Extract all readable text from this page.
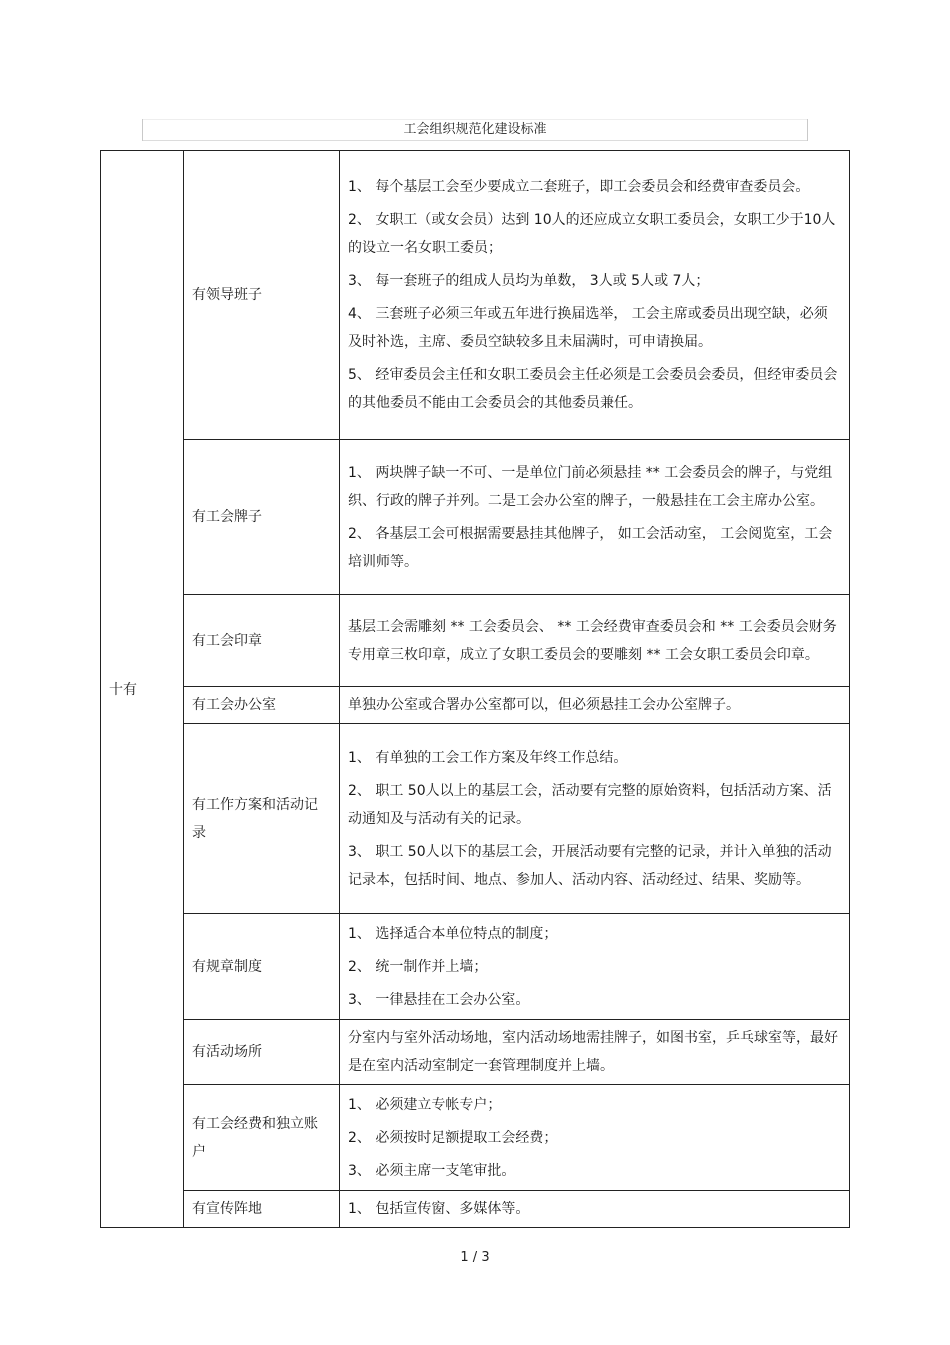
工会组织规范化建设标准
十有	有领导班子	1、 每个基层工会至少要成立二套班子，即工会委员会和经费审查委员会。
2、 女职工（或女会员）达到 10人的还应成立女职工委员会，女职工少于10人的设立一名女职工委员；
3、 每一套班子的组成人员均为单数， 3人或 5人或 7人；
4、 三套班子必须三年或五年进行换届选举， 工会主席或委员出现空缺，必须及时补选，主席、委员空缺较多且未届满时，可申请换届。
5、 经审委员会主任和女职工委员会主任必须是工会委员会委员，但经审委员会的其他委员不能由工会委员会的其他委员兼任。

	有工会牌子	1、 两块牌子缺一不可、一是单位门前必须悬挂 ** 工会委员会的牌子，与党组织、行政的牌子并列。二是工会办公室的牌子，一般悬挂在工会主席办公室。
2、 各基层工会可根据需要悬挂其他牌子， 如工会活动室， 工会阅览室，工会培训师等。

	有工会印章	基层工会需雕刻 ** 工会委员会、 ** 工会经费审查委员会和 ** 工会委员会财务专用章三枚印章，成立了女职工委员会的要雕刻 ** 工会女职工委员会印章。

	有工会办公室	单独办公室或合署办公室都可以，但必须悬挂工会办公室牌子。

	有工作方案和活动记录	1、 有单独的工会工作方案及年终工作总结。
2、 职工 50人以上的基层工会，活动要有完整的原始资料，包括活动方案、活动通知及与活动有关的记录。
3、 职工 50人以下的基层工会，开展活动要有完整的记录，并计入单独的活动记录本，包括时间、地点、参加人、活动内容、活动经过、结果、奖励等。

	有规章制度	1、 选择适合本单位特点的制度；
2、 统一制作并上墙；
3、 一律悬挂在工会办公室。

	有活动场所	分室内与室外活动场地，室内活动场地需挂牌子，如图书室，乒乓球室等，最好是在室内活动室制定一套管理制度并上墙。

	有工会经费和独立账户	1、 必须建立专帐专户；
2、 必须按时足额提取工会经费；
3、 必须主席一支笔审批。

	有宣传阵地	1、 包括宣传窗、多媒体等。
1 / 3
